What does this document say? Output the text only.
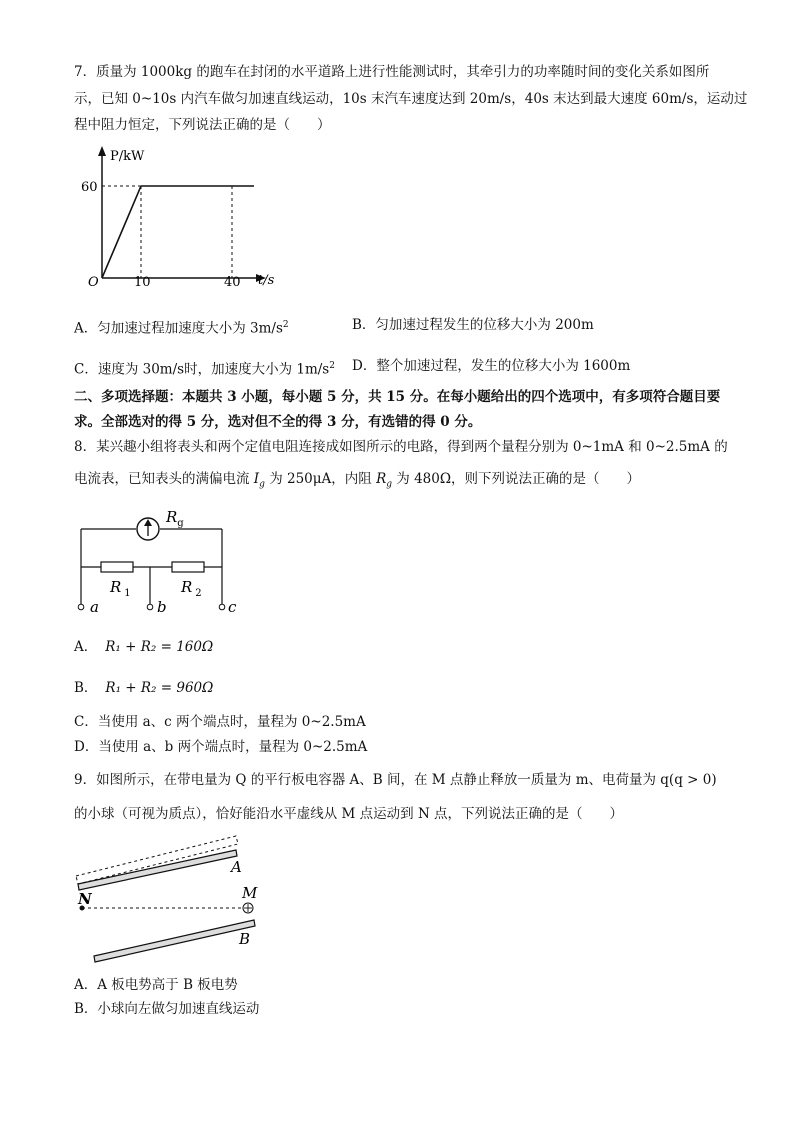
7．质量为 1000kg 的跑车在封闭的水平道路上进行性能测试时，其牵引力的功率随时间的变化关系如图所
示，已知 0~10s 内汽车做匀加速直线运动，10s 末汽车速度达到 20m/s，40s 末达到最大速度 60m/s，运动过
程中阻力恒定，下列说法正确的是（　　）
P/kW
t/s
O
60
10	40
A．匀加速过程加速度大小为 $3m/s^2$	B．匀加速过程发生的位移大小为 200m
C．速度为 30m/s时，加速度大小为 $1m/s^2$ D．整个加速过程，发生的位移大小为 1600m
二、多项选择题：本题共 3 小题，每小题 5 分，共 15 分。在每小题给出的四个选项中，有多项符合题目要
求。全部选对的得 5 分，选对但不全的得 3 分，有选错的得 0 分。
8．某兴趣小组将表头和两个定值电阻连接成如图所示的电路，得到两个量程分别为 0~1mA 和 0~2.5mA 的
电流表，已知表头的满偏电流 $I_g$ 为 250μA，内阻 $R_g$ 为 480Ω，则下列说法正确的是（　　）
$R_g$
R $_1$	R $_2$
a	b	c
A． R₁ + R₂ = 160Ω
B． R₁ + R₂ = 960Ω
C．当使用 a、c 两个端点时，量程为 0~2.5mA
D．当使用 a、b 两个端点时，量程为 0~2.5mA
9．如图所示，在带电量为 Q 的平行板电容器 A、B 间，在 M 点静止释放一质量为 m、电荷量为 q(q > 0)
的小球（可视为质点），恰好能沿水平虚线从 M 点运动到 N 点，下列说法正确的是（　　）
A
B
M
N
A．A 板电势高于 B 板电势
B．小球向左做匀加速直线运动
